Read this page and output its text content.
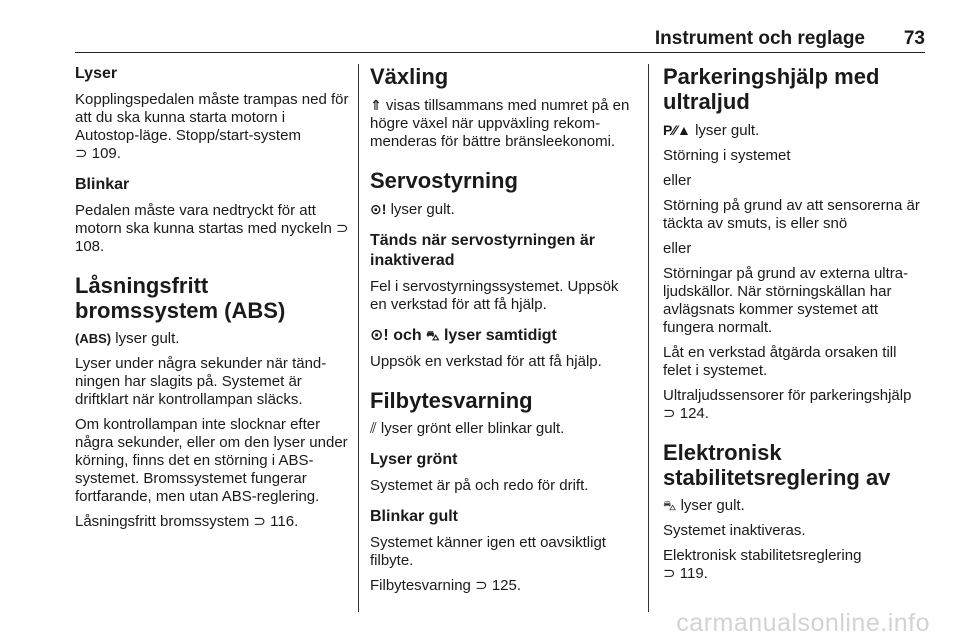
Instrument och reglage 73
Lyser

Kopplingspedalen måste trampas ned för att du ska kunna starta motorn i Autostop-läge. Stopp/start-system
⊃ 109.

Blinkar

Pedalen måste vara nedtryckt för att motorn ska kunna startas med nyckeln ⊃ 108.

Låsningsfritt bromssystem (ABS)

(ABS) lyser gult.

Lyser under några sekunder när tändningen har slagits på. Systemet är driftklart när kontrollampan släcks.

Om kontrollampan inte slocknar efter några sekunder, eller om den lyser under körning, finns det en störning i ABS-systemet. Bromssystemet fungerar fortfarande, men utan ABS-reglering.

Låsningsfritt bromssystem ⊃ 116.

Växling

⇑ visas tillsammans med numret på en högre växel när uppväxling rekommenderas för bättre bränsleekonomi.

Servostyrning

⊙! lyser gult.

Tänds när servostyrningen är inaktiverad

Fel i servostyrningssystemet. Uppsök en verkstad för att få hjälp.

⊙! och ⛍ lyser samtidigt

Uppsök en verkstad för att få hjälp.

Filbytesvarning

⫽ lyser grönt eller blinkar gult.

Lyser grönt

Systemet är på och redo för drift.

Blinkar gult

Systemet känner igen ett oavsiktligt filbyte.

Filbytesvarning ⊃ 125.

Parkeringshjälp med ultraljud

P⁄⁄▲ lyser gult.

Störning i systemet

eller

Störning på grund av att sensorerna är täckta av smuts, is eller snö

eller

Störningar på grund av externa ultraljudskällor. När störningskällan har avlägsnats kommer systemet att fungera normalt.

Låt en verkstad åtgärda orsaken till felet i systemet.

Ultraljudssensorer för parkeringshjälp ⊃ 124.

Elektronisk stabilitetsreglering av

⛍ lyser gult.

Systemet inaktiveras.

Elektronisk stabilitetsreglering
⊃ 119.

carmanualsonline.info
